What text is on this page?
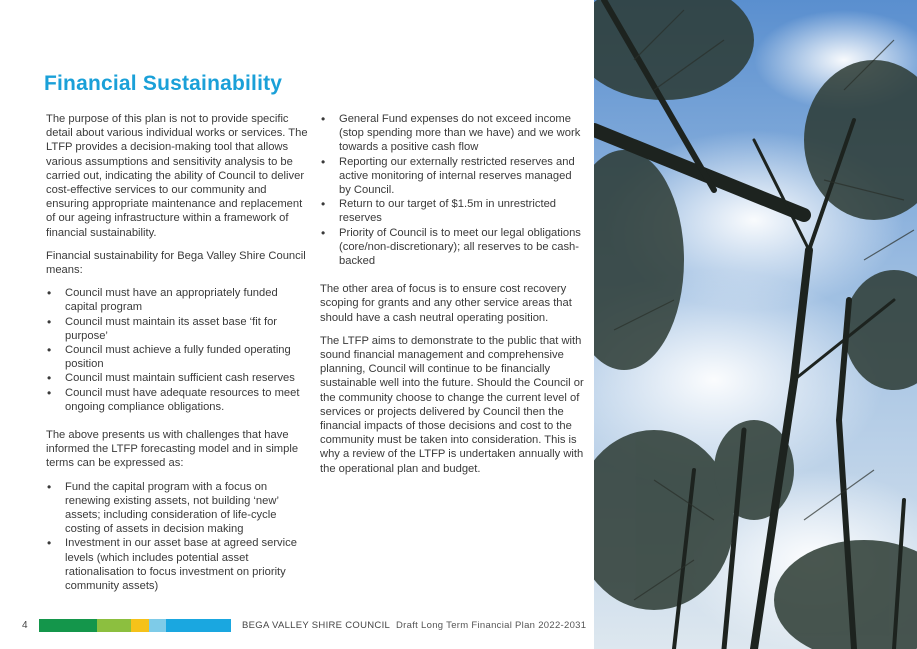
Financial Sustainability

The purpose of this plan is not to provide specific detail about various individual works or services. The LTFP provides a decision-making tool that allows various assumptions and sensitivity analysis to be carried out, indicating the ability of Council to deliver cost-effective services to our community and ensuring appropriate maintenance and replacement of our ageing infrastructure within a framework of financial sustainability.

Financial sustainability for Bega Valley Shire Council means:

• Council must have an appropriately funded capital program
• Council must maintain its asset base ‘fit for purpose’
• Council must achieve a fully funded operating position
• Council must maintain sufficient cash reserves
• Council must have adequate resources to meet ongoing compliance obligations.

The above presents us with challenges that have informed the LTFP forecasting model and in simple terms can be expressed as:

• Fund the capital program with a focus on renewing existing assets, not building ‘new’ assets; including consideration of life-cycle costing of assets in decision making
• Investment in our asset base at agreed service levels (which includes potential asset rationalisation to focus investment on priority community assets)
• General Fund expenses do not exceed income (stop spending more than we have) and we work towards a positive cash flow
• Reporting our externally restricted reserves and active monitoring of internal reserves managed by Council.
• Return to our target of $1.5m in unrestricted reserves
• Priority of Council is to meet our legal obligations (core/non-discretionary); all reserves to be cash-backed

The other area of focus is to ensure cost recovery scoping for grants and any other service areas that should have a cash neutral operating position.

The LTFP aims to demonstrate to the public that with sound financial management and comprehensive planning, Council will continue to be financially sustainable well into the future. Should the Council or the community choose to change the current level of services or projects delivered by Council then the financial impacts of those decisions and cost to the community must be taken into consideration. This is why a review of the LTFP is undertaken annually with the operational plan and budget.

4	BEGA VALLEY SHIRE COUNCIL Draft Long Term Financial Plan 2022-2031
